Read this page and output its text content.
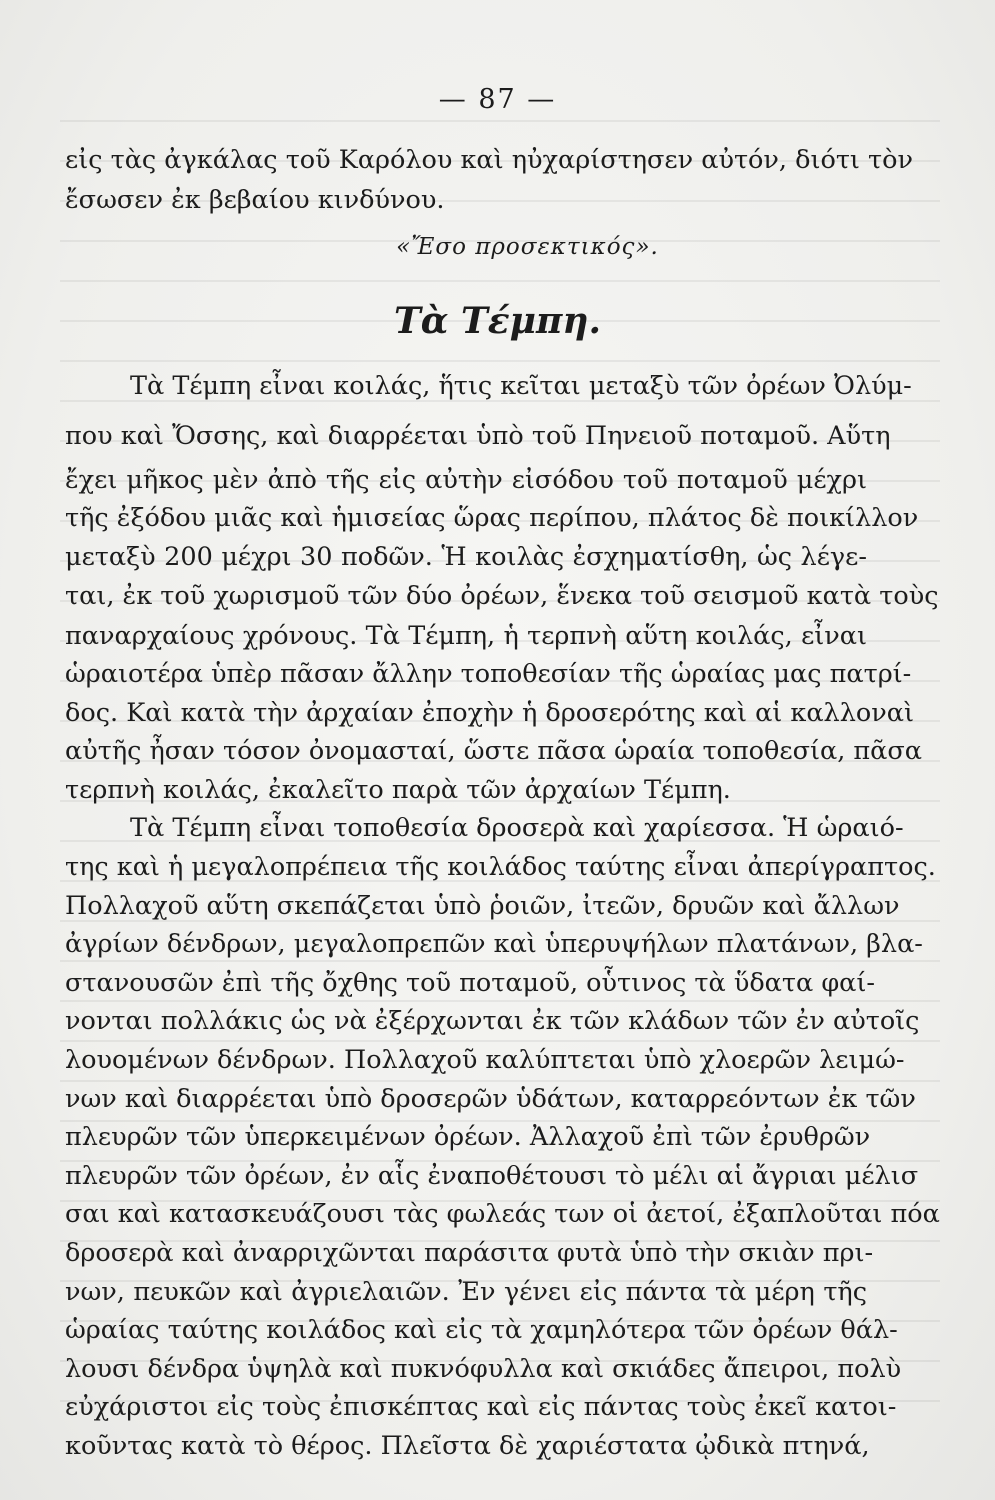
— 87 —
εἰς τὰς ἀγκάλας τοῦ Καρόλου καὶ ηὐχαρίστησεν αὐτόν, διότι τὸν
ἔσωσεν ἐκ βεβαίου κινδύνου.
«Ἔσο προσεκτικός».
Τὰ Τέμπη.
Τὰ Τέμπη εἶναι κοιλάς, ἥτις κεῖται μεταξὺ τῶν ὀρέων Ὀλύμ-
που καὶ Ὄσσης, καὶ διαρρέεται ὑπὸ τοῦ Πηνειοῦ ποταμοῦ. Αὕτη
ἔχει μῆκος μὲν ἀπὸ τῆς εἰς αὐτὴν εἰσόδου τοῦ ποταμοῦ μέχρι
τῆς ἐξόδου μιᾶς καὶ ἡμισείας ὥρας περίπου, πλάτος δὲ ποικίλλον
μεταξὺ 200 μέχρι 30 ποδῶν. Ἡ κοιλὰς ἐσχηματίσθη, ὡς λέγε-
ται, ἐκ τοῦ χωρισμοῦ τῶν δύο ὀρέων, ἕνεκα τοῦ σεισμοῦ κατὰ τοὺς
παναρχαίους χρόνους. Τὰ Τέμπη, ἡ τερπνὴ αὕτη κοιλάς, εἶναι
ὡραιοτέρα ὑπὲρ πᾶσαν ἄλλην τοποθεσίαν τῆς ὡραίας μας πατρί-
δος. Καὶ κατὰ τὴν ἀρχαίαν ἐποχὴν ἡ δροσερότης καὶ αἱ καλλοναὶ
αὐτῆς ἦσαν τόσον ὀνομασταί, ὥστε πᾶσα ὡραία τοποθεσία, πᾶσα
τερπνὴ κοιλάς, ἐκαλεῖτο παρὰ τῶν ἀρχαίων Τέμπη.
Τὰ Τέμπη εἶναι τοποθεσία δροσερὰ καὶ χαρίεσσα. Ἡ ὡραιό-
της καὶ ἡ μεγαλοπρέπεια τῆς κοιλάδος ταύτης εἶναι ἀπερίγραπτος.
Πολλαχοῦ αὕτη σκεπάζεται ὑπὸ ῥοιῶν, ἰτεῶν, δρυῶν καὶ ἄλλων
ἀγρίων δένδρων, μεγαλοπρεπῶν καὶ ὑπερυψήλων πλατάνων, βλα-
στανουσῶν ἐπὶ τῆς ὄχθης τοῦ ποταμοῦ, οὗτινος τὰ ὕδατα φαί-
νονται πολλάκις ὡς νὰ ἐξέρχωνται ἐκ τῶν κλάδων τῶν ἐν αὐτοῖς
λουομένων δένδρων. Πολλαχοῦ καλύπτεται ὑπὸ χλοερῶν λειμώ-
νων καὶ διαρρέεται ὑπὸ δροσερῶν ὑδάτων, καταρρεόντων ἐκ τῶν
πλευρῶν τῶν ὑπερκειμένων ὀρέων. Ἀλλαχοῦ ἐπὶ τῶν ἐρυθρῶν
πλευρῶν τῶν ὀρέων, ἐν αἷς ἐναποθέτουσι τὸ μέλι αἱ ἄγριαι μέλισ
σαι καὶ κατασκευάζουσι τὰς φωλεάς των οἱ ἀετοί, ἐξαπλοῦται πόα
δροσερὰ καὶ ἀναρριχῶνται παράσιτα φυτὰ ὑπὸ τὴν σκιὰν πρι-
νων, πευκῶν καὶ ἀγριελαιῶν. Ἐν γένει εἰς πάντα τὰ μέρη τῆς
ὡραίας ταύτης κοιλάδος καὶ εἰς τὰ χαμηλότερα τῶν ὀρέων θάλ-
λουσι δένδρα ὑψηλὰ καὶ πυκνόφυλλα καὶ σκιάδες ἄπειροι, πολὺ
εὐχάριστοι εἰς τοὺς ἐπισκέπτας καὶ εἰς πάντας τοὺς ἐκεῖ κατοι-
κοῦντας κατὰ τὸ θέρος. Πλεῖστα δὲ χαριέστατα ᾠδικὰ πτηνά,
